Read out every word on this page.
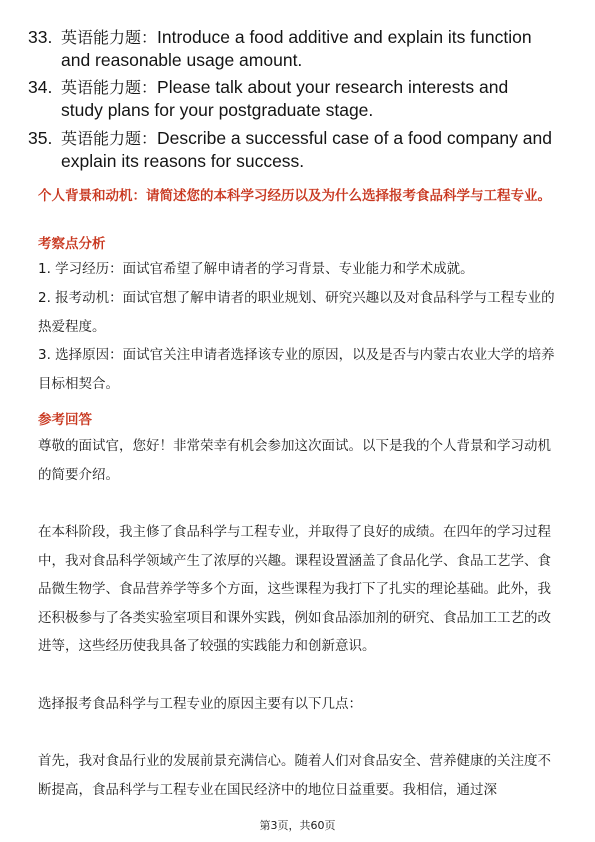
33. 英语能力题：Introduce a food additive and explain its function
and reasonable usage amount.
34. 英语能力题：Please talk about your research interests and
study plans for your postgraduate stage.
35. 英语能力题：Describe a successful case of a food company and
explain its reasons for success.
个人背景和动机：请简述您的本科学习经历以及为什么选择报考食品科学与工程专业。
考察点分析
1. 学习经历：面试官希望了解申请者的学习背景、专业能力和学术成就。
2. 报考动机：面试官想了解申请者的职业规划、研究兴趣以及对食品科学与工程专业的热爱程度。
3. 选择原因：面试官关注申请者选择该专业的原因，以及是否与内蒙古农业大学的培养目标相契合。
参考回答
尊敬的面试官，您好！非常荣幸有机会参加这次面试。以下是我的个人背景和学习动机的简要介绍。
在本科阶段，我主修了食品科学与工程专业，并取得了良好的成绩。在四年的学习过程中，我对食品科学领域产生了浓厚的兴趣。课程设置涵盖了食品化学、食品工艺学、食品微生物学、食品营养学等多个方面，这些课程为我打下了扎实的理论基础。此外，我还积极参与了各类实验室项目和课外实践，例如食品添加剂的研究、食品加工工艺的改进等，这些经历使我具备了较强的实践能力和创新意识。
选择报考食品科学与工程专业的原因主要有以下几点：
首先，我对食品行业的发展前景充满信心。随着人们对食品安全、营养健康的关注度不断提高，食品科学与工程专业在国民经济中的地位日益重要。我相信，通过深
第3页，共60页
